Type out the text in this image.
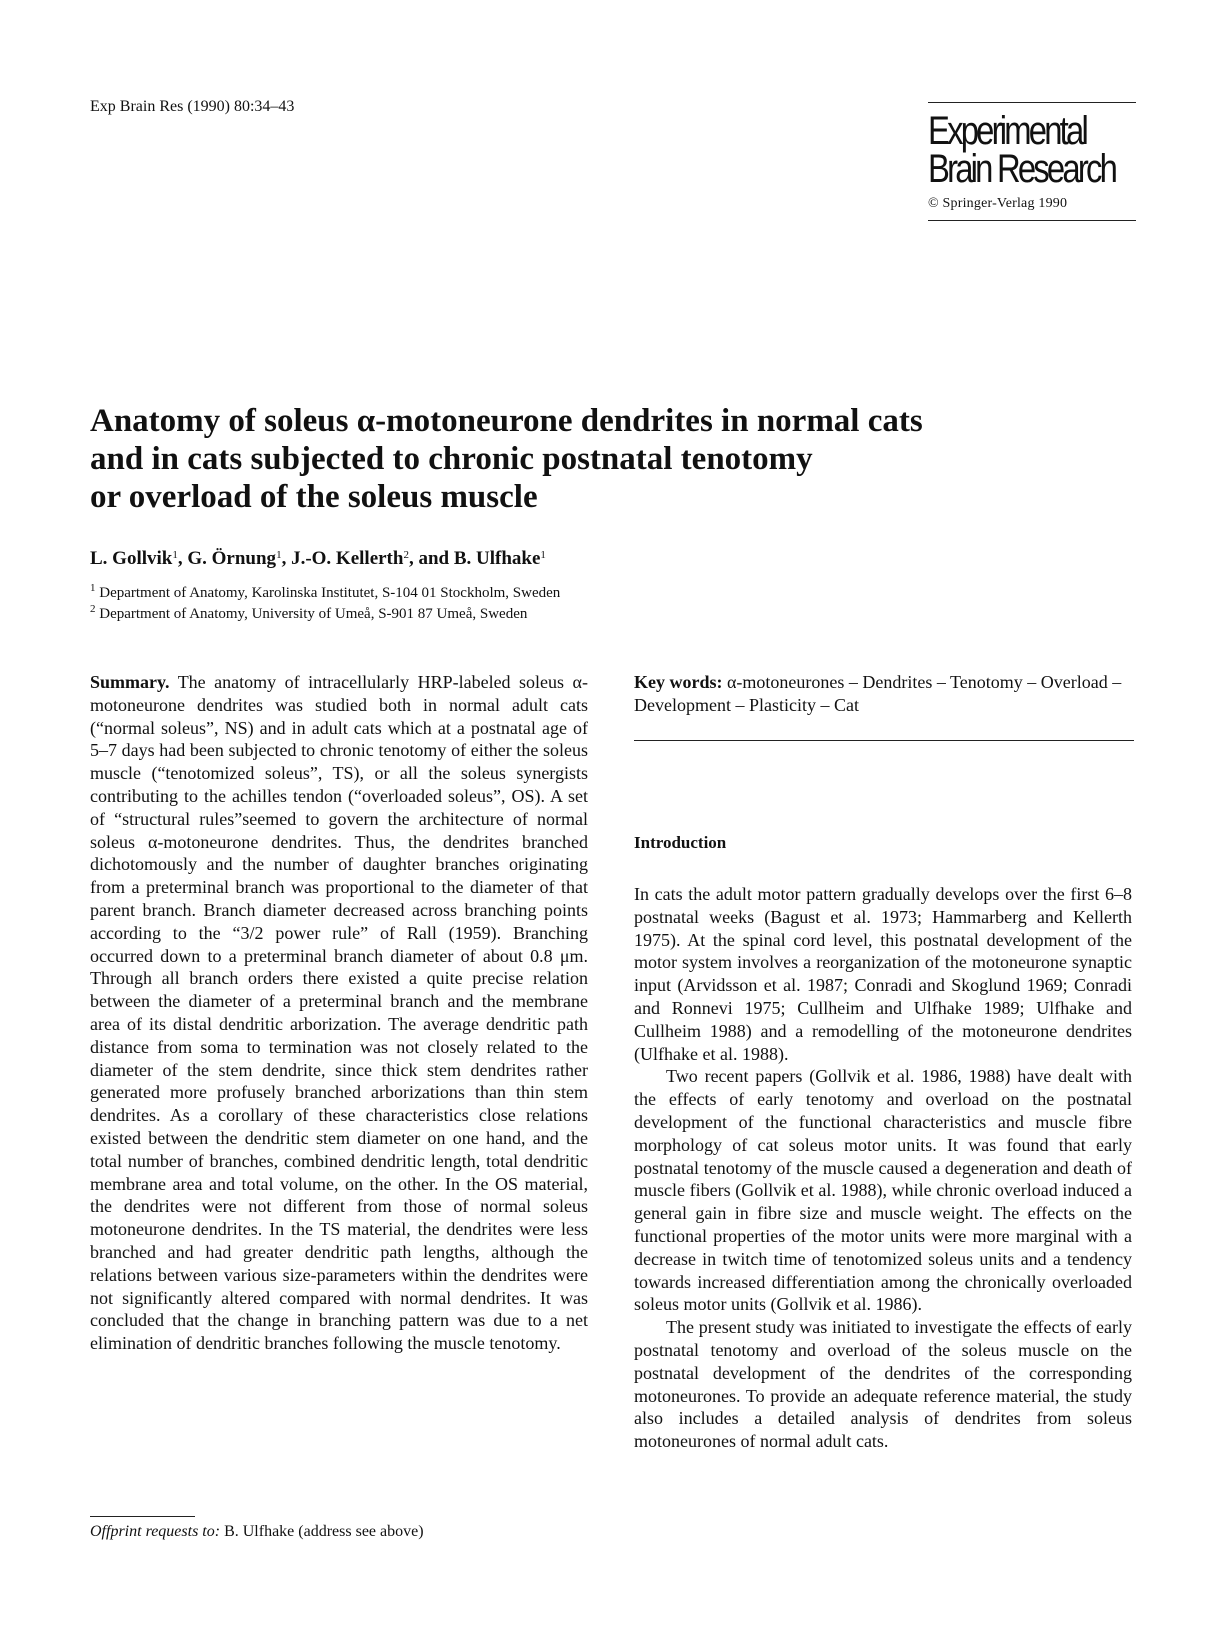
Exp Brain Res (1990) 80:34–43
Experimental
Brain Research
© Springer-Verlag 1990
Anatomy of soleus α-motoneurone dendrites in normal cats
and in cats subjected to chronic postnatal tenotomy
or overload of the soleus muscle
L. Gollvik$^1$, G. Örnung$^1$, J.-O. Kellerth$^2$, and B. Ulfhake$^1$
$^1$ Department of Anatomy, Karolinska Institutet, S-104 01 Stockholm, Sweden
$^2$ Department of Anatomy, University of Umeå, S-901 87 Umeå, Sweden

Summary. The anatomy of intracellularly HRP-labeled soleus α-motoneurone dendrites was studied both in normal adult cats (“normal soleus”, NS) and in adult cats which at a postnatal age of 5–7 days had been subjected to chronic tenotomy of either the soleus muscle (“tenotomized soleus”, TS), or all the soleus synergists contributing to the achilles tendon (“overloaded soleus”, OS). A set of “structural rules”seemed to govern the architecture of normal soleus α-motoneurone dendrites. Thus, the dendrites branched dichotomously and the number of daughter branches originating from a preterminal branch was proportional to the diameter of that parent branch. Branch diameter decreased across branching points according to the “3/2 power rule” of Rall (1959). Branching occurred down to a preterminal branch diameter of about 0.8 μm. Through all branch orders there existed a quite precise relation between the diameter of a preterminal branch and the membrane area of its distal dendritic arborization. The average dendritic path distance from soma to termination was not closely related to the diameter of the stem dendrite, since thick stem dendrites rather generated more profusely branched arborizations than thin stem dendrites. As a corollary of these characteristics close relations existed between the dendritic stem diameter on one hand, and the total number of branches, combined dendritic length, total dendritic membrane area and total volume, on the other. In the OS material, the dendrites were not different from those of normal soleus motoneurone dendrites. In the TS material, the dendrites were less branched and had greater dendritic path lengths, although the relations between various size-parameters within the dendrites were not significantly altered compared with normal dendrites. It was concluded that the change in branching pattern was due to a net elimination of dendritic branches following the muscle tenotomy.

Offprint requests to: B. Ulfhake (address see above)

Key words: α-motoneurones – Dendrites – Tenotomy – Overload – Development – Plasticity – Cat

Introduction

In cats the adult motor pattern gradually develops over the first 6–8 postnatal weeks (Bagust et al. 1973; Hammarberg and Kellerth 1975). At the spinal cord level, this postnatal development of the motor system involves a reorganization of the motoneurone synaptic input (Arvidsson et al. 1987; Conradi and Skoglund 1969; Conradi and Ronnevi 1975; Cullheim and Ulfhake 1989; Ulfhake and Cullheim 1988) and a remodelling of the motoneurone dendrites (Ulfhake et al. 1988).

Two recent papers (Gollvik et al. 1986, 1988) have dealt with the effects of early tenotomy and overload on the postnatal development of the functional characteristics and muscle fibre morphology of cat soleus motor units. It was found that early postnatal tenotomy of the muscle caused a degeneration and death of muscle fibers (Gollvik et al. 1988), while chronic overload induced a general gain in fibre size and muscle weight. The effects on the functional properties of the motor units were more marginal with a decrease in twitch time of tenotomized soleus units and a tendency towards increased differentiation among the chronically overloaded soleus motor units (Gollvik et al. 1986).

The present study was initiated to investigate the effects of early postnatal tenotomy and overload of the soleus muscle on the postnatal development of the dendrites of the corresponding motoneurones. To provide an adequate reference material, the study also includes a detailed analysis of dendrites from soleus motoneurones of normal adult cats.
